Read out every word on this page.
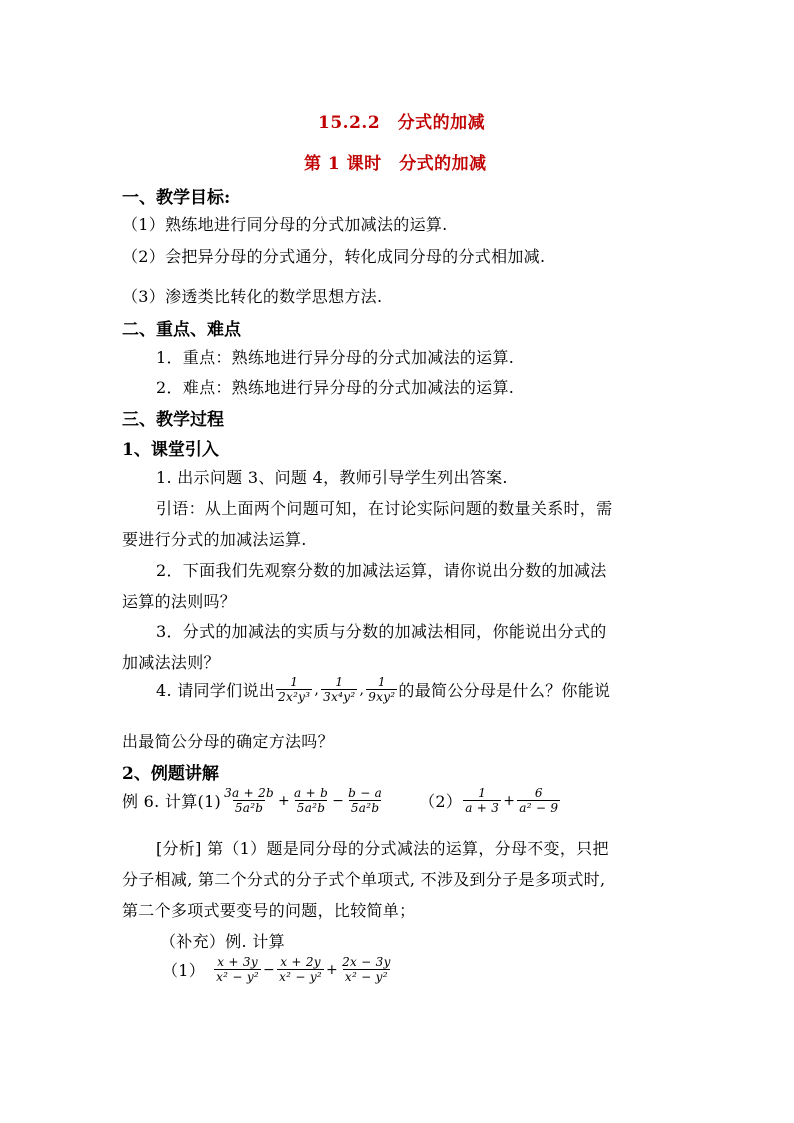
15.2.2　分式的加减
第 1 课时　分式的加减
一、教学目标:
（1）熟练地进行同分母的分式加减法的运算.
（2）会把异分母的分式通分，转化成同分母的分式相加减.
（3）渗透类比转化的数学思想方法.
二、重点、难点
1．重点：熟练地进行异分母的分式加减法的运算.
2．难点：熟练地进行异分母的分式加减法的运算.
三、教学过程
1、课堂引入
1. 出示问题 3、问题 4，教师引导学生列出答案.
引语：从上面两个问题可知，在讨论实际问题的数量关系时，需
要进行分式的加减法运算.
2．下面我们先观察分数的加减法运算，请你说出分数的加减法
运算的法则吗？
3．分式的加减法的实质与分数的加减法相同，你能说出分式的
加减法法则？
4. 请同学们说出 $\frac{1}{\text{2x²y³}}$ , $\frac{1}{\text{3x⁴y²}}$ , $\frac{1}{\text{9xy²}}$ 的最简公分母是什么？你能说
出最简公分母的确定方法吗？
2、例题讲解
例 6. 计算$(1) \frac{3a + 2b}{\text{5a²b}} + \frac{a + b}{\text{5a²b}} - \frac{b - a}{\text{5a²b}} (2) \frac{1}{a + 3} + \frac{6}{\text{a² − 9}}$
[分析] 第（1）题是同分母的分式减法的运算，分母不变，只把
分子相减, 第二个分式的分子式个单项式, 不涉及到分子是多项式时,
第二个多项式要变号的问题，比较简单；
（补充）例. 计算
$(1) \frac{x + 3y}{\text{x² − y²}} - \frac{x + 2y}{\text{x² − y²}} + \frac{2x - 3y}{\text{x² − y²}}$
